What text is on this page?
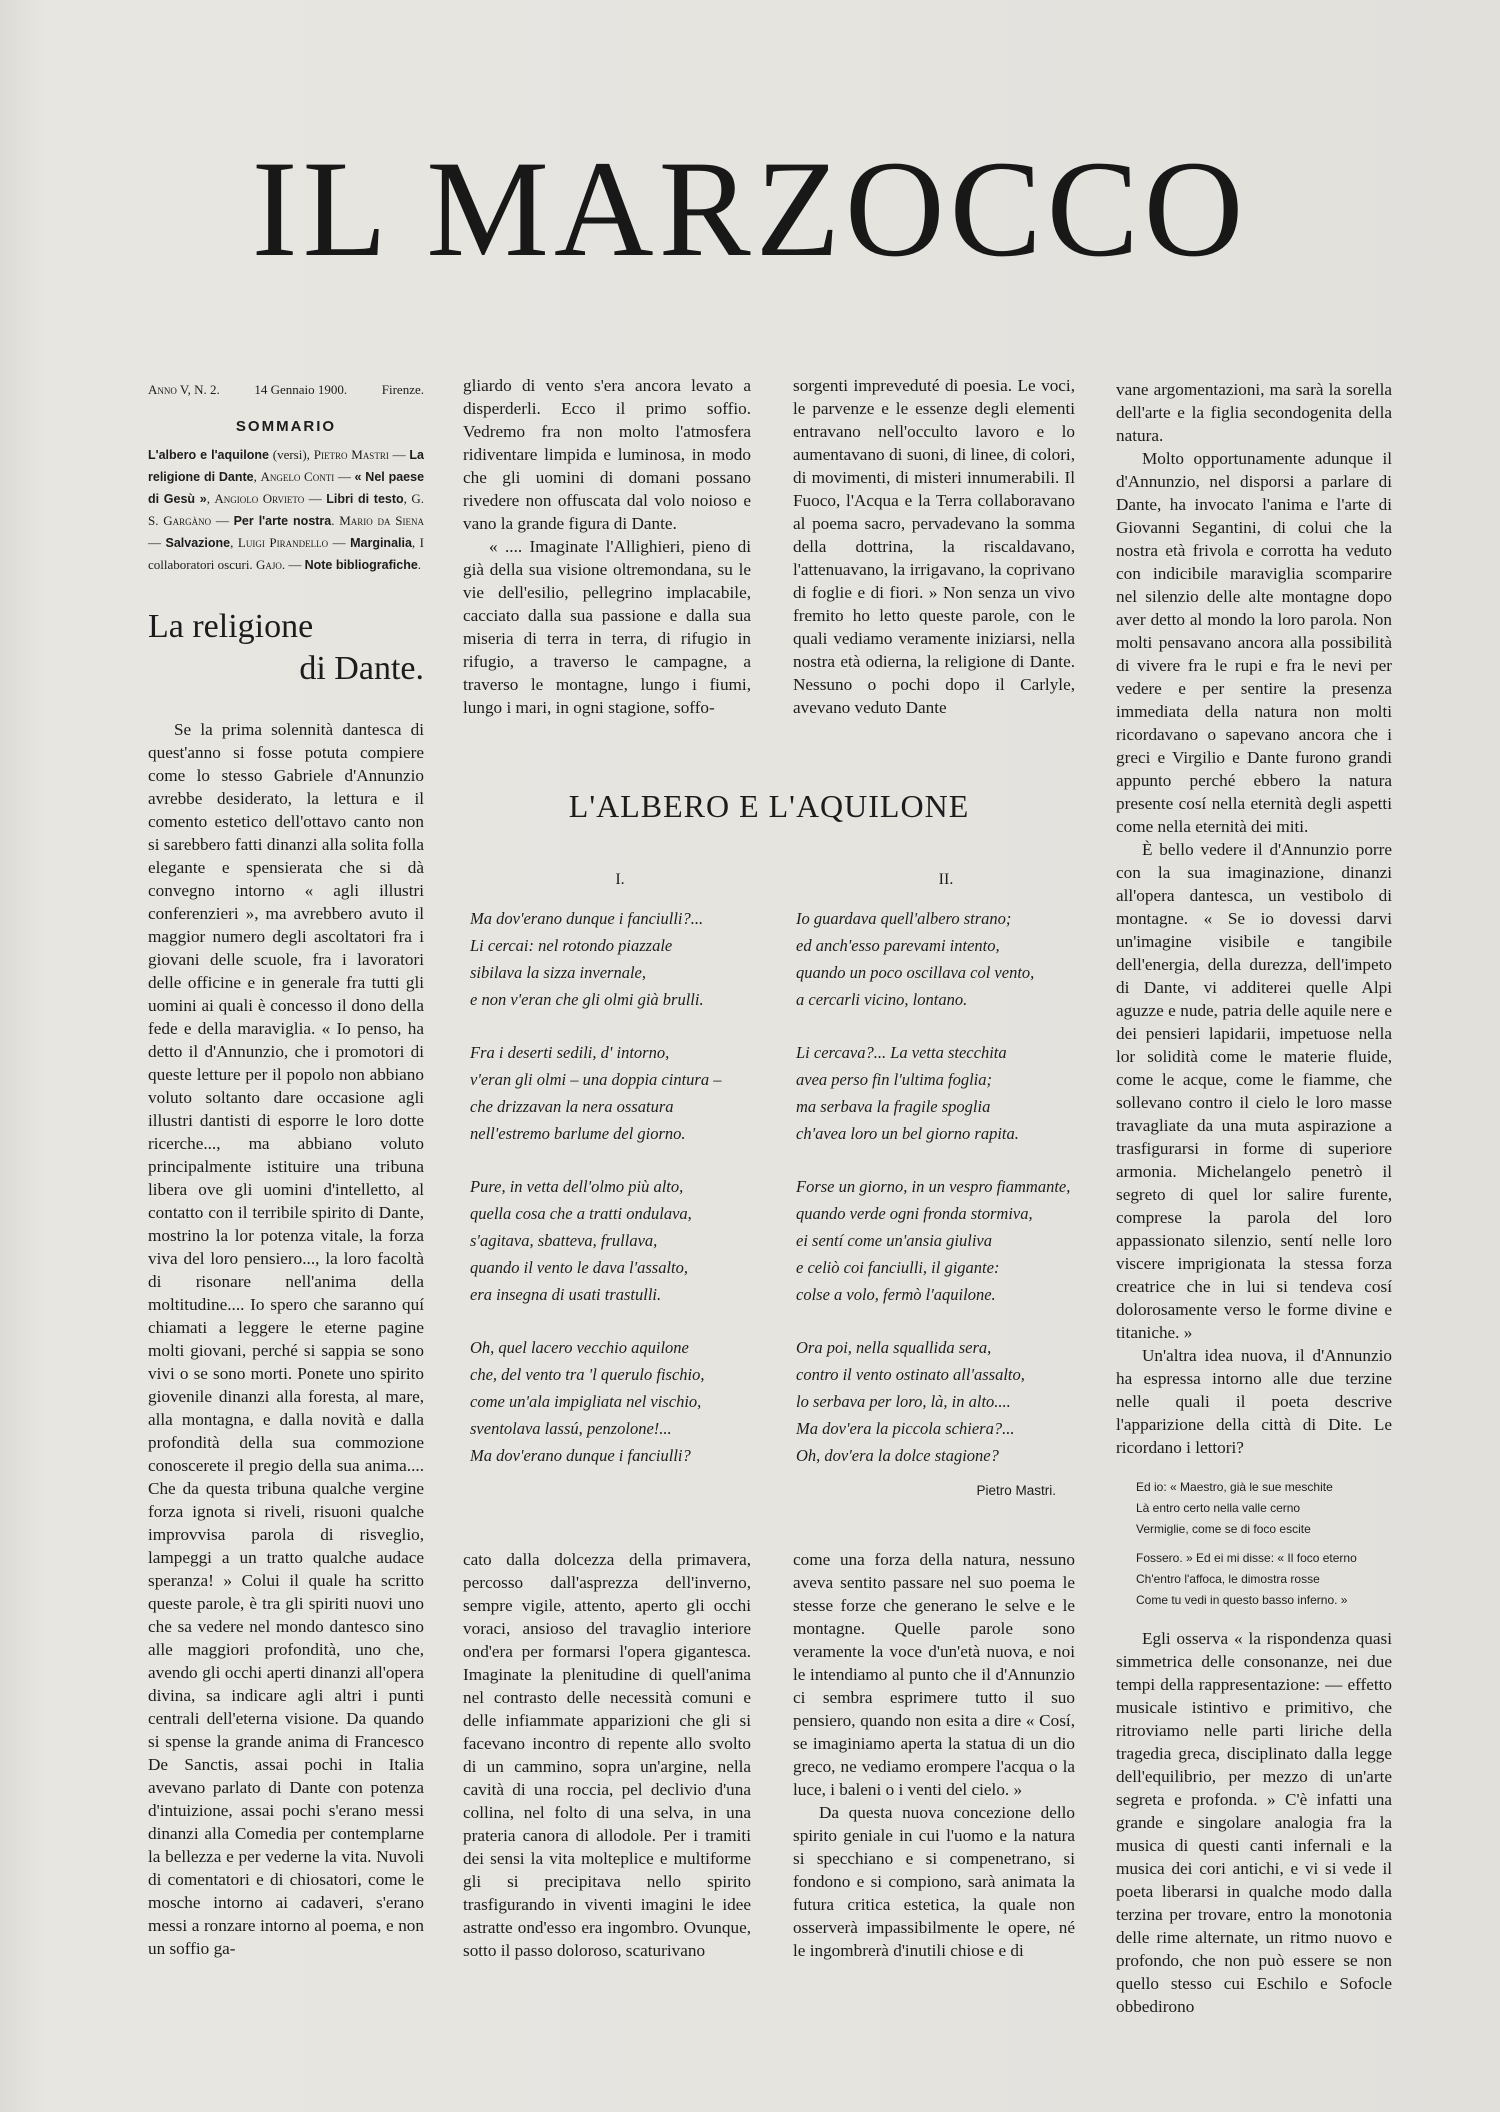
IL MARZOCCO
Anno V, N. 2.	14 Gennaio 1900.	Firenze.
SOMMARIO
L'albero e l'aquilone (versi), Pietro Mastri — La religione di Dante, Angelo Conti — « Nel paese di Gesù », Angiolo Orvieto — Libri di testo, G. S. Gargàno — Per l'arte nostra. Mario da Siena — Salvazione, Luigi Pirandello — Marginalia, I collaboratori oscuri. Gajo. — Note bibliografiche.
La religione
di Dante.

Se la prima solennità dantesca di quest'anno si fosse potuta compiere come lo stesso Gabriele d'Annunzio avrebbe desiderato, la lettura e il comento estetico dell'ottavo canto non si sarebbero fatti dinanzi alla solita folla elegante e spensierata che si dà convegno intorno « agli illustri conferenzieri », ma avrebbero avuto il maggior numero degli ascoltatori fra i giovani delle scuole, fra i lavoratori delle officine e in generale fra tutti gli uomini ai quali è concesso il dono della fede e della maraviglia. « Io penso, ha detto il d'Annunzio, che i promotori di queste letture per il popolo non abbiano voluto soltanto dare occasione agli illustri dantisti di esporre le loro dotte ricerche..., ma abbiano voluto principalmente istituire una tribuna libera ove gli uomini d'intelletto, al contatto con il terribile spirito di Dante, mostrino la lor potenza vitale, la forza viva del loro pensiero..., la loro facoltà di risonare nell'anima della moltitudine.... Io spero che saranno quí chiamati a leggere le eterne pagine molti giovani, perché si sappia se sono vivi o se sono morti. Ponete uno spirito giovenile dinanzi alla foresta, al mare, alla montagna, e dalla novità e dalla profondità della sua commozione conoscerete il pregio della sua anima.... Che da questa tribuna qualche vergine forza ignota si riveli, risuoni qualche improvvisa parola di risveglio, lampeggi a un tratto qualche audace speranza! » Colui il quale ha scritto queste parole, è tra gli spiriti nuovi uno che sa vedere nel mondo dantesco sino alle maggiori profondità, uno che, avendo gli occhi aperti dinanzi all'opera divina, sa indicare agli altri i punti centrali dell'eterna visione. Da quando si spense la grande anima di Francesco De Sanctis, assai pochi in Italia avevano parlato di Dante con potenza d'intuizione, assai pochi s'erano messi dinanzi alla Comedia per contemplarne la bellezza e per vederne la vita. Nuvoli di comentatori e di chiosatori, come le mosche intorno ai cadaveri, s'erano messi a ronzare intorno al poema, e non un soffio ga-

gliardo di vento s'era ancora levato a disperderli. Ecco il primo soffio. Vedremo fra non molto l'atmosfera ridiventare limpida e luminosa, in modo che gli uomini di domani possano rivedere non offuscata dal volo noioso e vano la grande figura di Dante.

« .... Imaginate l'Allighieri, pieno di già della sua visione oltremondana, su le vie dell'esilio, pellegrino implacabile, cacciato dalla sua passione e dalla sua miseria di terra in terra, di rifugio in rifugio, a traverso le campagne, a traverso le montagne, lungo i fiumi, lungo i mari, in ogni stagione, soffo-

sorgenti impreveduté di poesia. Le voci, le parvenze e le essenze degli elementi entravano nell'occulto lavoro e lo aumentavano di suoni, di linee, di colori, di movimenti, di misteri innumerabili. Il Fuoco, l'Acqua e la Terra collaboravano al poema sacro, pervadevano la somma della dottrina, la riscaldavano, l'attenuavano, la irrigavano, la coprivano di foglie e di fiori. » Non senza un vivo fremito ho letto queste parole, con le quali vediamo veramente iniziarsi, nella nostra età odierna, la religione di Dante. Nessuno o pochi dopo il Carlyle, avevano veduto Dante

L'ALBERO E L'AQUILONE
I.
Ma dov'erano dunque i fanciulli?...
Li cercai: nel rotondo piazzale
sibilava la sizza invernale,
e non v'eran che gli olmi già brulli.
Fra i deserti sedili, d' intorno,
v'eran gli olmi – una doppia cintura –
che drizzavan la nera ossatura
nell'estremo barlume del giorno.
Pure, in vetta dell'olmo più alto,
quella cosa che a tratti ondulava,
s'agitava, sbatteva, frullava,
quando il vento le dava l'assalto,
era insegna di usati trastulli.
Oh, quel lacero vecchio aquilone
che, del vento tra 'l querulo fischio,
come un'ala impigliata nel vischio,
sventolava lassú, penzolone!...
Ma dov'erano dunque i fanciulli?
II.
Io guardava quell'albero strano;
ed anch'esso parevami intento,
quando un poco oscillava col vento,
a cercarli vicino, lontano.
Li cercava?... La vetta stecchita
avea perso fin l'ultima foglia;
ma serbava la fragile spoglia
ch'avea loro un bel giorno rapita.
Forse un giorno, in un vespro fiammante,
quando verde ogni fronda stormiva,
ei sentí come un'ansia giuliva
e celiò coi fanciulli, il gigante:
colse a volo, fermò l'aquilone.
Ora poi, nella squallida sera,
contro il vento ostinato all'assalto,
lo serbava per loro, là, in alto....
Ma dov'era la piccola schiera?...
Oh, dov'era la dolce stagione?
Pietro Mastri.

cato dalla dolcezza della primavera, percosso dall'asprezza dell'inverno, sempre vigile, attento, aperto gli occhi voraci, ansioso del travaglio interiore ond'era per formarsi l'opera gigantesca. Imaginate la plenitudine di quell'anima nel contrasto delle necessità comuni e delle infiammate apparizioni che gli si facevano incontro di repente allo svolto di un cammino, sopra un'argine, nella cavità di una roccia, pel declivio d'una collina, nel folto di una selva, in una prateria canora di allodole. Per i tramiti dei sensi la vita molteplice e multiforme gli si precipitava nello spirito trasfigurando in viventi imagini le idee astratte ond'esso era ingombro. Ovunque, sotto il passo doloroso, scaturivano

come una forza della natura, nessuno aveva sentito passare nel suo poema le stesse forze che generano le selve e le montagne. Quelle parole sono veramente la voce d'un'età nuova, e noi le intendiamo al punto che il d'Annunzio ci sembra esprimere tutto il suo pensiero, quando non esita a dire « Cosí, se imaginiamo aperta la statua di un dio greco, ne vediamo erompere l'acqua o la luce, i baleni o i venti del cielo. »

Da questa nuova concezione dello spirito geniale in cui l'uomo e la natura si specchiano e si compenetrano, si fondono e si compiono, sarà animata la futura critica estetica, la quale non osserverà impassibilmente le opere, né le ingombrerà d'inutili chiose e di

vane argomentazioni, ma sarà la sorella dell'arte e la figlia secondogenita della natura.

Molto opportunamente adunque il d'Annunzio, nel disporsi a parlare di Dante, ha invocato l'anima e l'arte di Giovanni Segantini, di colui che la nostra età frivola e corrotta ha veduto con indicibile maraviglia scomparire nel silenzio delle alte montagne dopo aver detto al mondo la loro parola. Non molti pensavano ancora alla possibilità di vivere fra le rupi e fra le nevi per vedere e per sentire la presenza immediata della natura non molti ricordavano o sapevano ancora che i greci e Virgilio e Dante furono grandi appunto perché ebbero la natura presente cosí nella eternità degli aspetti come nella eternità dei miti.

È bello vedere il d'Annunzio porre con la sua imaginazione, dinanzi all'opera dantesca, un vestibolo di montagne. « Se io dovessi darvi un'imagine visibile e tangibile dell'energia, della durezza, dell'impeto di Dante, vi additerei quelle Alpi aguzze e nude, patria delle aquile nere e dei pensieri lapidarii, impetuose nella lor solidità come le materie fluide, come le acque, come le fiamme, che sollevano contro il cielo le loro masse travagliate da una muta aspirazione a trasfigurarsi in forme di superiore armonia. Michelangelo penetrò il segreto di quel lor salire furente, comprese la parola del loro appassionato silenzio, sentí nelle loro viscere imprigionata la stessa forza creatrice che in lui si tendeva cosí dolorosamente verso le forme divine e titaniche. »

Un'altra idea nuova, il d'Annunzio ha espressa intorno alle due terzine nelle quali il poeta descrive l'apparizione della città di Dite. Le ricordano i lettori?

Ed io: « Maestro, già le sue meschite
Là entro certo nella valle cerno
Vermiglie, come se di foco escite
Fossero. » Ed ei mi disse: « Il foco eterno
Ch'entro l'affoca, le dimostra rosse
Come tu vedi in questo basso inferno. »

Egli osserva « la rispondenza quasi simmetrica delle consonanze, nei due tempi della rappresentazione: — effetto musicale istintivo e primitivo, che ritroviamo nelle parti liriche della tragedia greca, disciplinato dalla legge dell'equilibrio, per mezzo di un'arte segreta e profonda. » C'è infatti una grande e singolare analogia fra la musica di questi canti infernali e la musica dei cori antichi, e vi si vede il poeta liberarsi in qualche modo dalla terzina per trovare, entro la monotonia delle rime alternate, un ritmo nuovo e profondo, che non può essere se non quello stesso cui Eschilo e Sofocle obbedirono
